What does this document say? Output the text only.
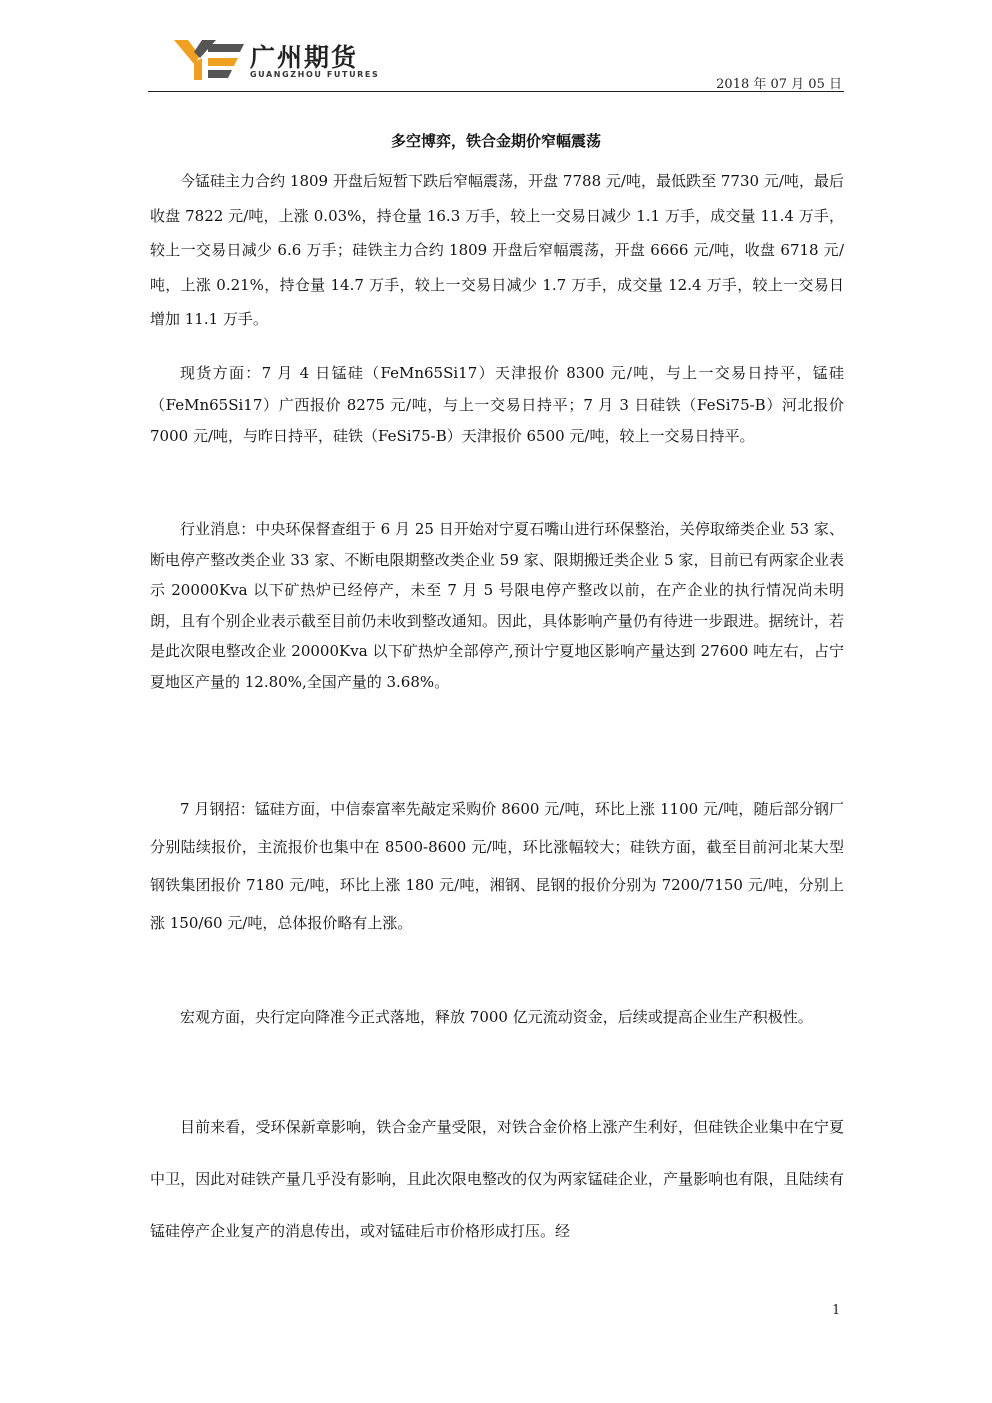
广州期货
GUANGZHOU FUTURES
2018 年 07 月 05 日
多空博弈，铁合金期价窄幅震荡

今锰硅主力合约 1809 开盘后短暂下跌后窄幅震荡，开盘 7788 元/吨，最低跌至 7730 元/吨，最后收盘 7822 元/吨，上涨 0.03%，持仓量 16.3 万手，较上一交易日减少 1.1 万手，成交量 11.4 万手，较上一交易日减少 6.6 万手；硅铁主力合约 1809 开盘后窄幅震荡，开盘 6666 元/吨，收盘 6718 元/吨，上涨 0.21%，持仓量 14.7 万手，较上一交易日减少 1.7 万手，成交量 12.4 万手，较上一交易日增加 11.1 万手。

现货方面：7 月 4 日锰硅（FeMn65Si17）天津报价 8300 元/吨，与上一交易日持平，锰硅（FeMn65Si17）广西报价 8275 元/吨，与上一交易日持平；7 月 3 日硅铁（FeSi75-B）河北报价 7000 元/吨，与昨日持平，硅铁（FeSi75-B）天津报价 6500 元/吨，较上一交易日持平。

行业消息：中央环保督查组于 6 月 25 日开始对宁夏石嘴山进行环保整治，关停取缔类企业 53 家、断电停产整改类企业 33 家、不断电限期整改类企业 59 家、限期搬迁类企业 5 家，目前已有两家企业表示 20000Kva 以下矿热炉已经停产，未至 7 月 5 号限电停产整改以前，在产企业的执行情况尚未明朗，且有个别企业表示截至目前仍未收到整改通知。因此，具体影响产量仍有待进一步跟进。据统计，若是此次限电整改企业 20000Kva 以下矿热炉全部停产,预计宁夏地区影响产量达到 27600 吨左右，占宁夏地区产量的 12.80%,全国产量的 3.68%。

7 月钢招：锰硅方面，中信泰富率先敲定采购价 8600 元/吨，环比上涨 1100 元/吨，随后部分钢厂分别陆续报价，主流报价也集中在 8500-8600 元/吨，环比涨幅较大；硅铁方面，截至目前河北某大型钢铁集团报价 7180 元/吨，环比上涨 180 元/吨，湘钢、昆钢的报价分别为 7200/7150 元/吨，分别上涨 150/60 元/吨，总体报价略有上涨。

宏观方面，央行定向降准今正式落地，释放 7000 亿元流动资金，后续或提高企业生产积极性。

目前来看，受环保新章影响，铁合金产量受限，对铁合金价格上涨产生利好，但硅铁企业集中在宁夏中卫，因此对硅铁产量几乎没有影响，且此次限电整改的仅为两家锰硅企业，产量影响也有限，且陆续有锰硅停产企业复产的消息传出，或对锰硅后市价格形成打压。经

1
